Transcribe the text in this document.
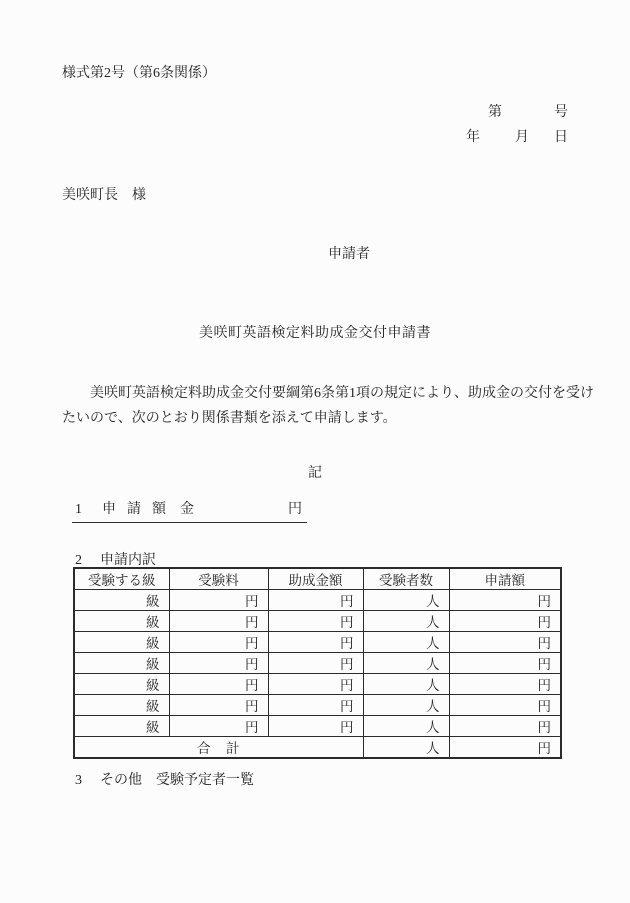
様式第2号（第6条関係）
第	号
年	月 日
美咲町長　様
申請者
美咲町英語検定料助成金交付申請書
美咲町英語検定料助成金交付要綱第6条第1項の規定により、助成金の交付を受け
たいので、次のとおり関係書類を添えて申請します。
記
1 申請額 金	円
2 申請内訳
受験する級	受験料	助成金額	受験者数	申請額
級	円	円	人	円
級	円	円	人	円
級	円	円	人	円
級	円	円	人	円
級	円	円	人	円
級	円	円	人	円
級	円	円	人	円
合　計			人	円
3 その他　受験予定者一覧
